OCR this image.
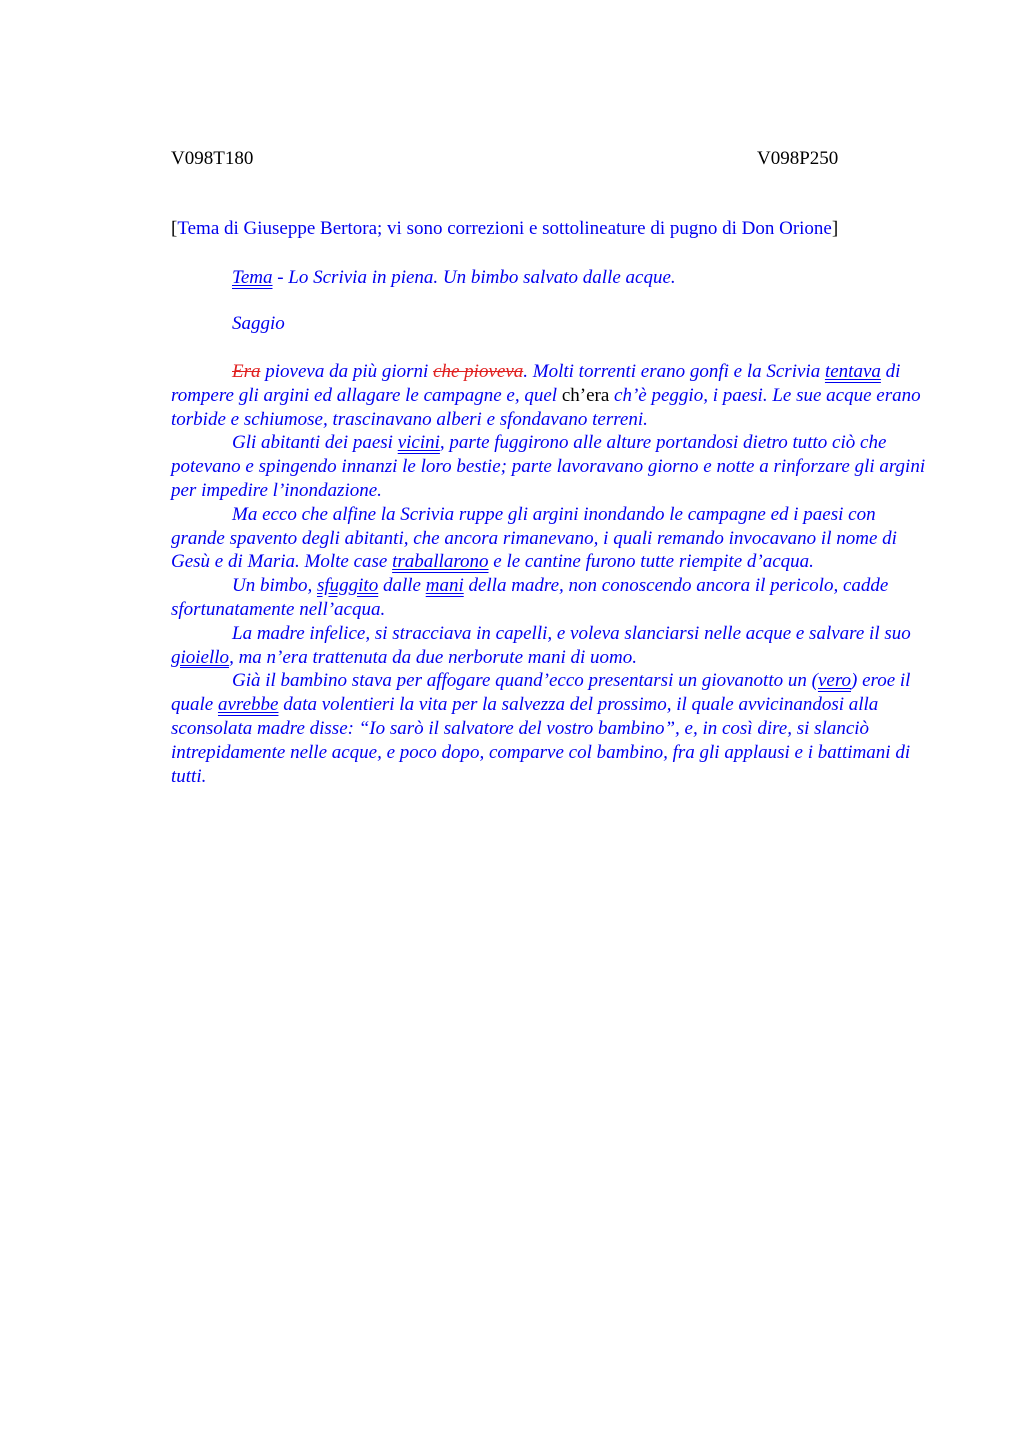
V098T180	V098P250
[Tema di Giuseppe Bertora; vi sono correzioni e sottolineature di pugno di Don Orione]
Tema - Lo Scrivia in piena. Un bimbo salvato dalle acque.
Saggio

Era pioveva da più giorni che pioveva. Molti torrenti erano gonfi e la Scrivia tentava di rompere gli argini ed allagare le campagne e, quel ch’era ch’è peggio, i paesi. Le sue acque erano torbide e schiumose, trascinavano alberi e sfondavano terreni.

Gli abitanti dei paesi vicini, parte fuggirono alle alture portandosi dietro tutto ciò che potevano e spingendo innanzi le loro bestie; parte lavoravano giorno e notte a rinforzare gli argini per impedire l’inondazione.

Ma ecco che alfine la Scrivia ruppe gli argini inondando le campagne ed i paesi con grande spavento degli abitanti, che ancora rimanevano, i quali remando invocavano il nome di Gesù e di Maria. Molte case traballarono e le cantine furono tutte riempite d’acqua.

Un bimbo, sfuggito dalle mani della madre, non conoscendo ancora il pericolo, cadde sfortunatamente nell’acqua.

La madre infelice, si stracciava in capelli, e voleva slanciarsi nelle acque e salvare il suo gioiello, ma n’era trattenuta da due nerborute mani di uomo.

Già il bambino stava per affogare quand’ecco presentarsi un giovanotto un (vero) eroe il quale avrebbe data volentieri la vita per la salvezza del prossimo, il quale avvicinandosi alla sconsolata madre disse: “Io sarò il salvatore del vostro bambino”, e, in così dire, si slanciò intrepidamente nelle acque, e poco dopo, comparve col bambino, fra gli applausi e i battimani di tutti.
